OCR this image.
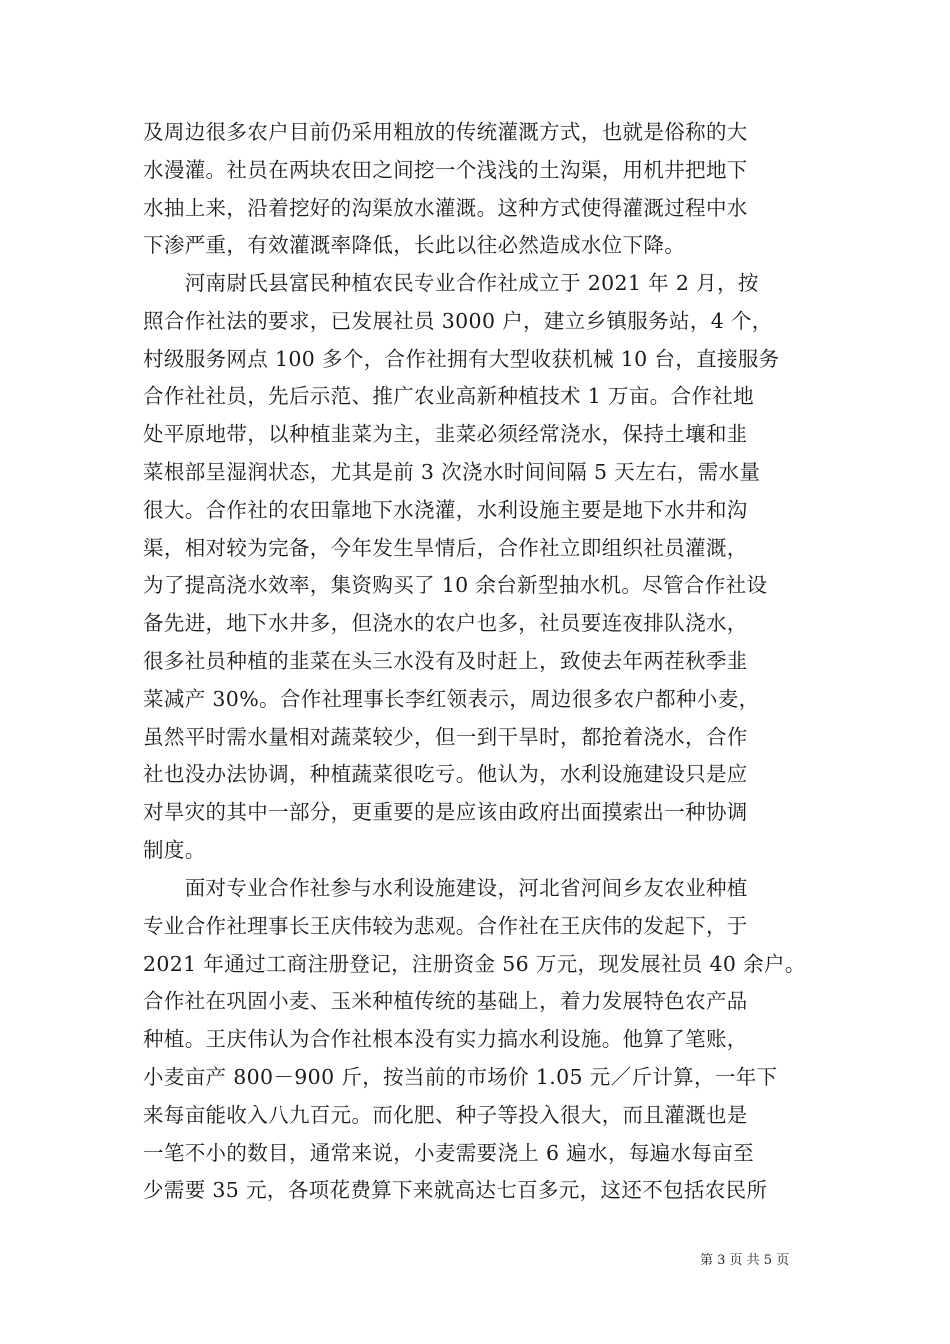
及周边很多农户目前仍采用粗放的传统灌溉方式，也就是俗称的大
水漫灌。社员在两块农田之间挖一个浅浅的土沟渠，用机井把地下
水抽上来，沿着挖好的沟渠放水灌溉。这种方式使得灌溉过程中水
下渗严重，有效灌溉率降低，长此以往必然造成水位下降。
　　河南尉氏县富民种植农民专业合作社成立于 2021 年 2 月，按
照合作社法的要求，已发展社员 3000 户，建立乡镇服务站，4 个，
村级服务网点 100 多个，合作社拥有大型收获机械 10 台，直接服务
合作社社员，先后示范、推广农业高新种植技术 1 万亩。合作社地
处平原地带，以种植韭菜为主，韭菜必须经常浇水，保持土壤和韭
菜根部呈湿润状态，尤其是前 3 次浇水时间间隔 5 天左右，需水量
很大。合作社的农田靠地下水浇灌，水利设施主要是地下水井和沟
渠，相对较为完备，今年发生旱情后，合作社立即组织社员灌溉，
为了提高浇水效率，集资购买了 10 余台新型抽水机。尽管合作社设
备先进，地下水井多，但浇水的农户也多，社员要连夜排队浇水，
很多社员种植的韭菜在头三水没有及时赶上，致使去年两茬秋季韭
菜减产 30%。合作社理事长李红领表示，周边很多农户都种小麦，
虽然平时需水量相对蔬菜较少，但一到干旱时，都抢着浇水，合作
社也没办法协调，种植蔬菜很吃亏。他认为，水利设施建设只是应
对旱灾的其中一部分，更重要的是应该由政府出面摸索出一种协调
制度。
　　面对专业合作社参与水利设施建设，河北省河间乡友农业种植
专业合作社理事长王庆伟较为悲观。合作社在王庆伟的发起下，于
2021 年通过工商注册登记，注册资金 56 万元，现发展社员 40 余户。
合作社在巩固小麦、玉米种植传统的基础上，着力发展特色农产品
种植。王庆伟认为合作社根本没有实力搞水利设施。他算了笔账，
小麦亩产 800－900 斤，按当前的市场价 1.05 元／斤计算，一年下
来每亩能收入八九百元。而化肥、种子等投入很大，而且灌溉也是
一笔不小的数目，通常来说，小麦需要浇上 6 遍水，每遍水每亩至
少需要 35 元，各项花费算下来就高达七百多元，这还不包括农民所
第 3 页 共 5 页
